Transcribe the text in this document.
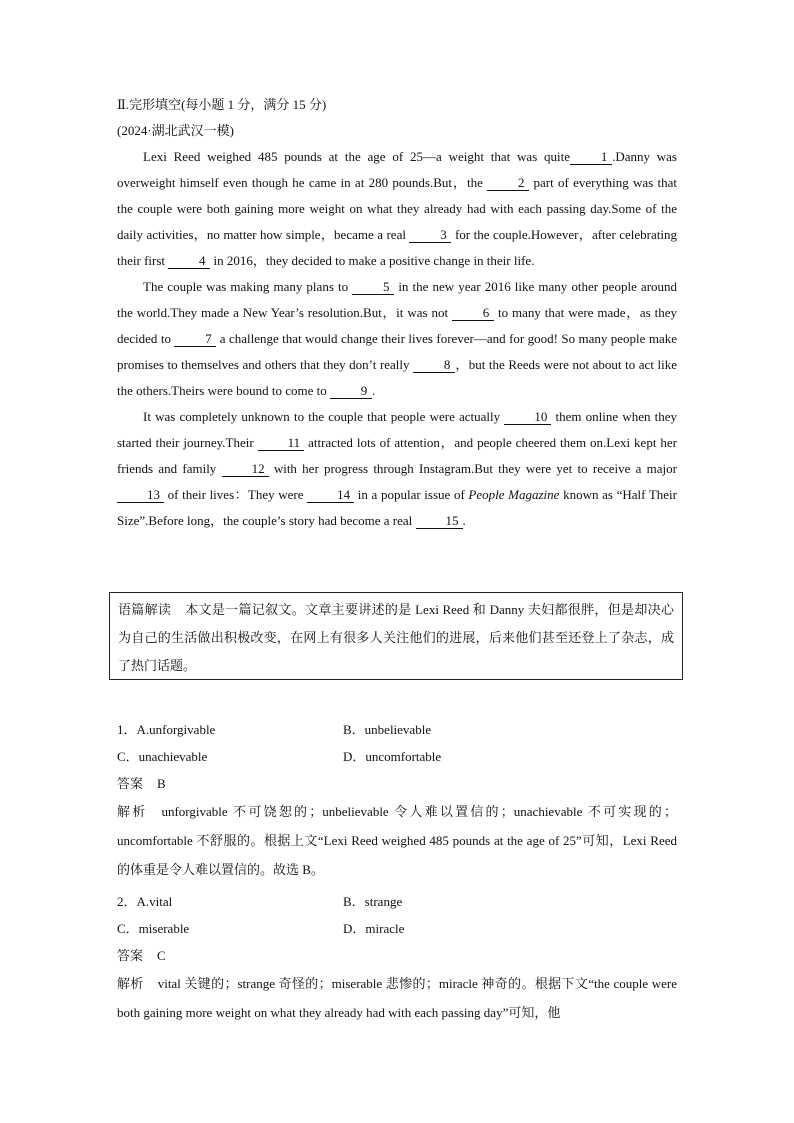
Ⅱ.完形填空(每小题 1 分，满分 15 分)
(2024·湖北武汉一模)
Lexi Reed weighed 485 pounds at the age of 25—a weight that was quite 1 .Danny was overweight himself even though he came in at 280 pounds.But，the	2 part of everything was that the couple were both gaining more weight on what they already had with each passing day.Some of the daily activities，no matter how simple，became a real	3 for the couple.However，after celebrating their first	4 in 2016，they decided to make a positive change in their life.
The couple was making many plans to	5 in the new year 2016 like many other people around the world.They made a New Year’s resolution.But，it was not	6 to many that were made，as they decided to	7 a challenge that would change their lives forever—and for good! So many people make promises to themselves and others that they don’t really	8 ，but the Reeds were not about to act like the others.Theirs were bound to come to	9 .
It was completely unknown to the couple that people were actually	10 them online when they started their journey.Their	11 attracted lots of attention，and people cheered them on.Lexi kept her friends and family	12 with her progress through Instagram.But they were yet to receive a major 13 of their lives：They were	14 in a popular issue of People Magazine known as “Half Their Size”.Before long，the couple’s story had become a real	15 .
语篇解读 本文是一篇记叙文。文章主要讲述的是 Lexi Reed 和 Danny 夫妇都很胖，但是却决心为自己的生活做出积极改变，在网上有很多人关注他们的进展，后来他们甚至还登上了杂志，成了热门话题。
1．A.unforgivable	B．unbelievable
C．unachievable	D．uncomfortable
答案 B
解析 unforgivable 不可饶恕的；unbelievable 令人难以置信的；unachievable 不可实现的；uncomfortable 不舒服的。根据上文“Lexi Reed weighed 485 pounds at the age of 25”可知，Lexi Reed 的体重是令人难以置信的。故选 B。
2．A.vital	B．strange
C．miserable	D．miracle
答案 C
解析 vital 关键的；strange 奇怪的；miserable 悲惨的；miracle 神奇的。根据下文“the couple were both gaining more weight on what they already had with each passing day”可知，他
